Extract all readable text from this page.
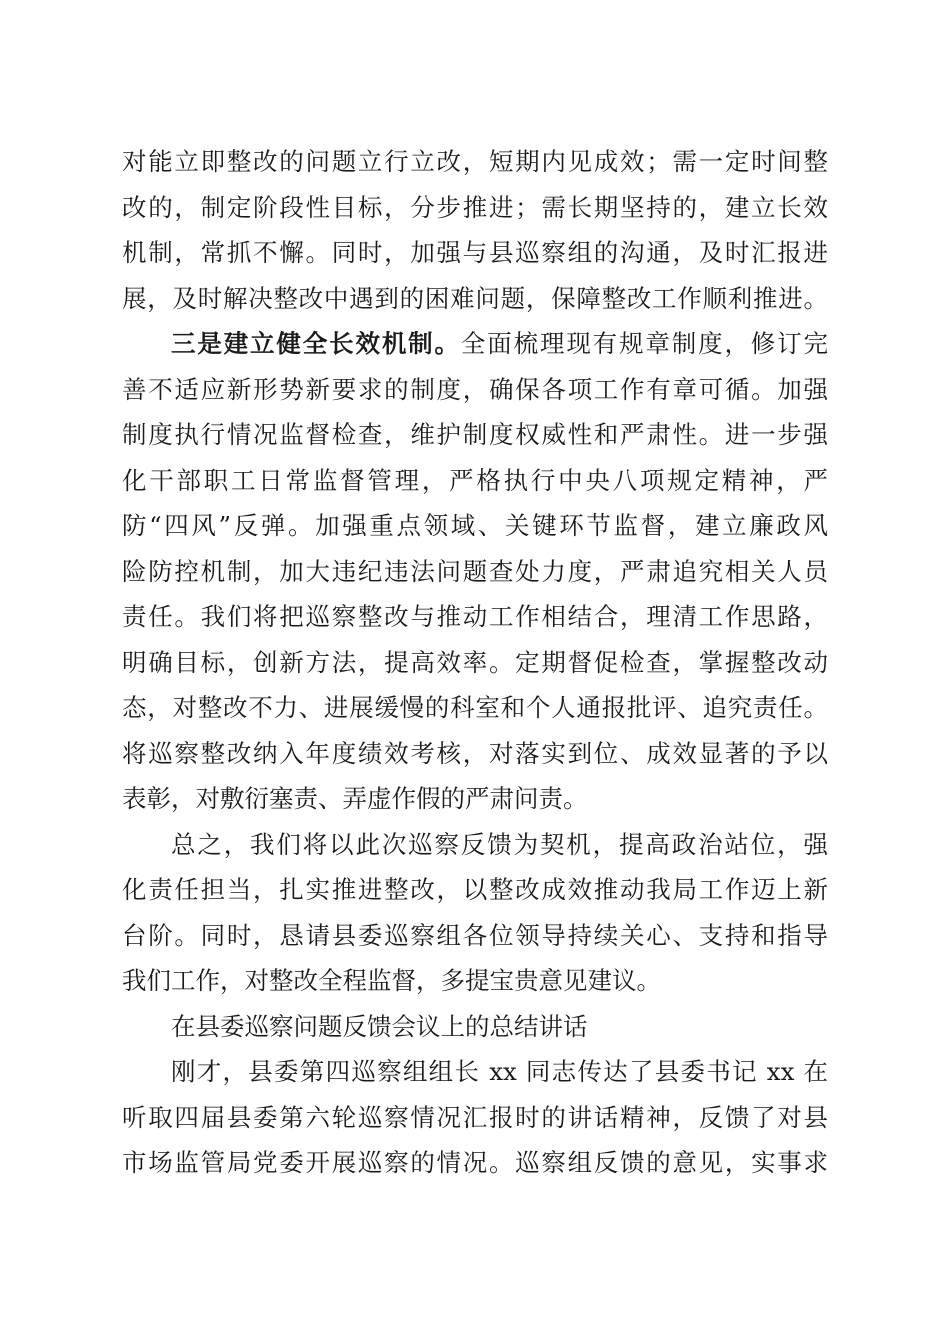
对能立即整改的问题立行立改，短期内见成效；需一定时间整
改的，制定阶段性目标，分步推进；需长期坚持的，建立长效
机制，常抓不懈。同时，加强与县巡察组的沟通，及时汇报进
展，及时解决整改中遇到的困难问题，保障整改工作顺利推进。
三是建立健全长效机制。全面梳理现有规章制度，修订完
善不适应新形势新要求的制度，确保各项工作有章可循。加强
制度执行情况监督检查，维护制度权威性和严肃性。进一步强
化干部职工日常监督管理，严格执行中央八项规定精神，严
防“四风”反弹。加强重点领域、关键环节监督，建立廉政风
险防控机制，加大违纪违法问题查处力度，严肃追究相关人员
责任。我们将把巡察整改与推动工作相结合，理清工作思路，
明确目标，创新方法，提高效率。定期督促检查，掌握整改动
态，对整改不力、进展缓慢的科室和个人通报批评、追究责任。
将巡察整改纳入年度绩效考核，对落实到位、成效显著的予以
表彰，对敷衍塞责、弄虚作假的严肃问责。
总之，我们将以此次巡察反馈为契机，提高政治站位，强
化责任担当，扎实推进整改，以整改成效推动我局工作迈上新
台阶。同时，恳请县委巡察组各位领导持续关心、支持和指导
我们工作，对整改全程监督，多提宝贵意见建议。
在县委巡察问题反馈会议上的总结讲话
刚才，县委第四巡察组组长 xx 同志传达了县委书记 xx 在
听取四届县委第六轮巡察情况汇报时的讲话精神，反馈了对县
市场监管局党委开展巡察的情况。巡察组反馈的意见，实事求
